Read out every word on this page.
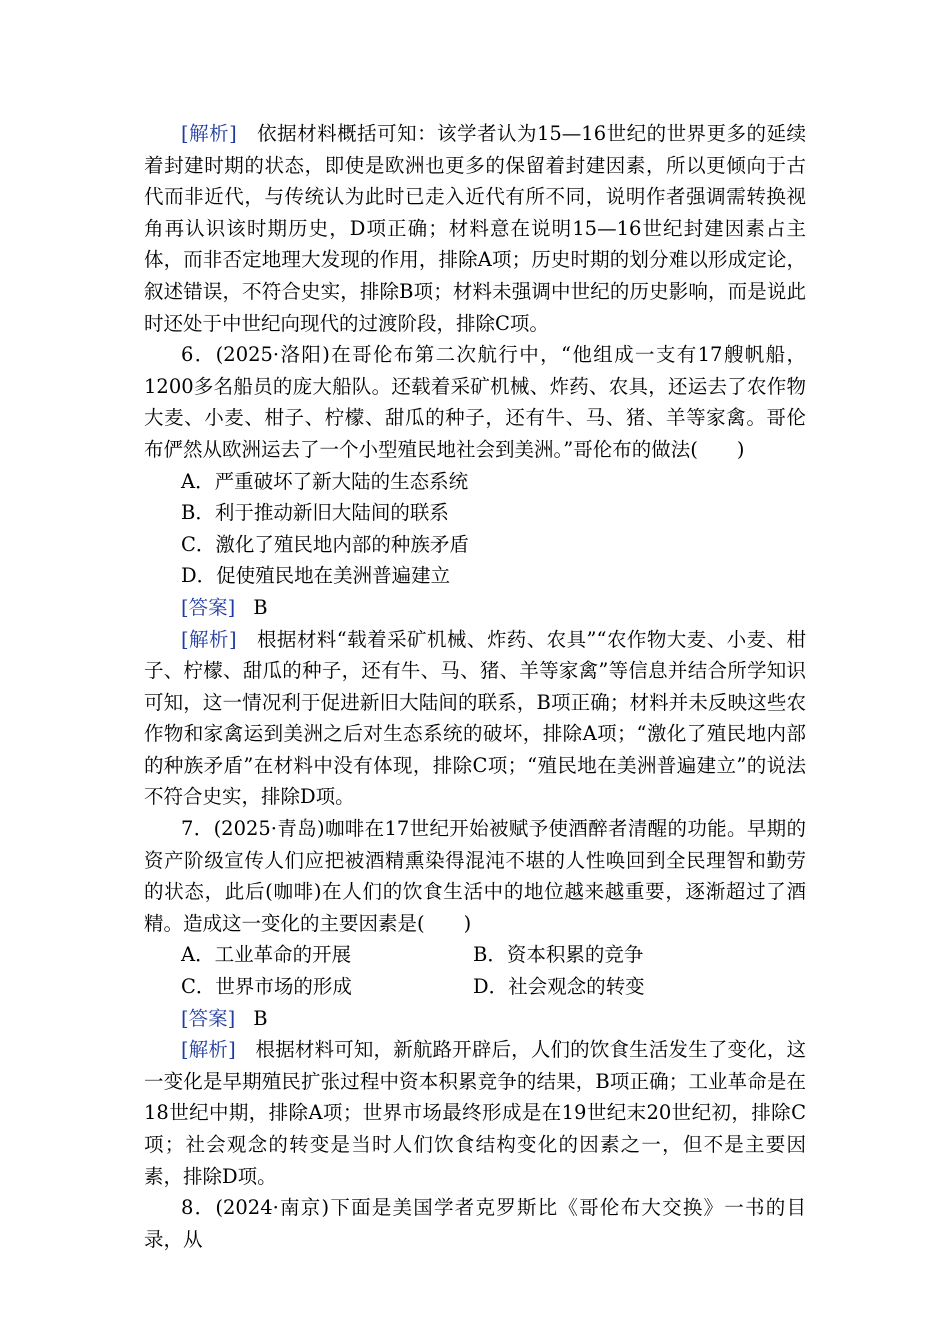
[解析]　依据材料概括可知：该学者认为15—16世纪的世界更多的延续着封建时期的状态，即使是欧洲也更多的保留着封建因素，所以更倾向于古代而非近代，与传统认为此时已走入近代有所不同，说明作者强调需转换视角再认识该时期历史，D项正确；材料意在说明15—16世纪封建因素占主体，而非否定地理大发现的作用，排除A项；历史时期的划分难以形成定论，叙述错误，不符合史实，排除B项；材料未强调中世纪的历史影响，而是说此时还处于中世纪向现代的过渡阶段，排除C项。

6．(2025·洛阳)在哥伦布第二次航行中，“他组成一支有17艘帆船，1200多名船员的庞大船队。还载着采矿机械、炸药、农具，还运去了农作物大麦、小麦、柑子、柠檬、甜瓜的种子，还有牛、马、猪、羊等家禽。哥伦布俨然从欧洲运去了一个小型殖民地社会到美洲。”哥伦布的做法(　　)

A．严重破坏了新大陆的生态系统

B．利于推动新旧大陆间的联系

C．激化了殖民地内部的种族矛盾

D．促使殖民地在美洲普遍建立

[答案] B

[解析]　根据材料“载着采矿机械、炸药、农具”“农作物大麦、小麦、柑子、柠檬、甜瓜的种子，还有牛、马、猪、羊等家禽”等信息并结合所学知识可知，这一情况利于促进新旧大陆间的联系，B项正确；材料并未反映这些农作物和家禽运到美洲之后对生态系统的破坏，排除A项；“激化了殖民地内部的种族矛盾”在材料中没有体现，排除C项；“殖民地在美洲普遍建立”的说法不符合史实，排除D项。

7．(2025·青岛)咖啡在17世纪开始被赋予使酒醉者清醒的功能。早期的资产阶级宣传人们应把被酒精熏染得混沌不堪的人性唤回到全民理智和勤劳的状态，此后(咖啡)在人们的饮食生活中的地位越来越重要，逐渐超过了酒精。造成这一变化的主要因素是(　　)

A．工业革命的开展	B．资本积累的竞争
C．世界市场的形成	D．社会观念的转变

[答案] B

[解析]　根据材料可知，新航路开辟后，人们的饮食生活发生了变化，这一变化是早期殖民扩张过程中资本积累竞争的结果，B项正确；工业革命是在18世纪中期，排除A项；世界市场最终形成是在19世纪末20世纪初，排除C项；社会观念的转变是当时人们饮食结构变化的因素之一，但不是主要因素，排除D项。

8．(2024·南京)下面是美国学者克罗斯比《哥伦布大交换》一书的目录，从
